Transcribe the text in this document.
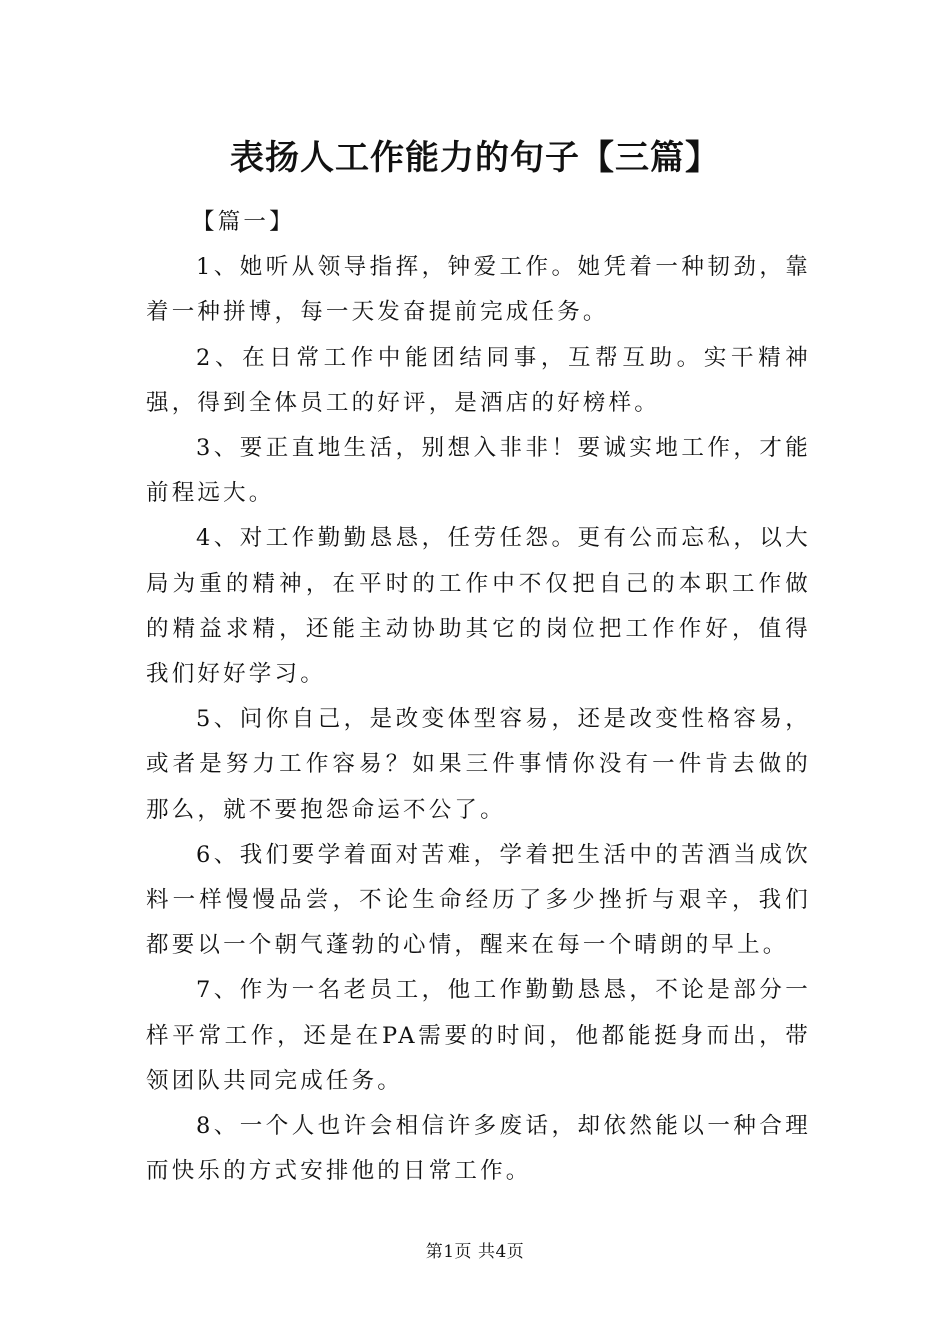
表扬人工作能力的句子【三篇】

【篇一】

1、她听从领导指挥，钟爱工作。她凭着一种韧劲，靠着一种拼博，每一天发奋提前完成任务。

2、在日常工作中能团结同事，互帮互助。实干精神强，得到全体员工的好评，是酒店的好榜样。

3、要正直地生活，别想入非非！要诚实地工作，才能前程远大。

4、对工作勤勤恳恳，任劳任怨。更有公而忘私，以大局为重的精神，在平时的工作中不仅把自己的本职工作做的精益求精，还能主动协助其它的岗位把工作作好，值得我们好好学习。

5、问你自己，是改变体型容易，还是改变性格容易，或者是努力工作容易？如果三件事情你没有一件肯去做的那么，就不要抱怨命运不公了。

6、我们要学着面对苦难，学着把生活中的苦酒当成饮料一样慢慢品尝，不论生命经历了多少挫折与艰辛，我们都要以一个朝气蓬勃的心情，醒来在每一个晴朗的早上。

7、作为一名老员工，他工作勤勤恳恳，不论是部分一样平常工作，还是在PA需要的时间，他都能挺身而出，带领团队共同完成任务。

8、一个人也许会相信许多废话，却依然能以一种合理而快乐的方式安排他的日常工作。

第1页 共4页
